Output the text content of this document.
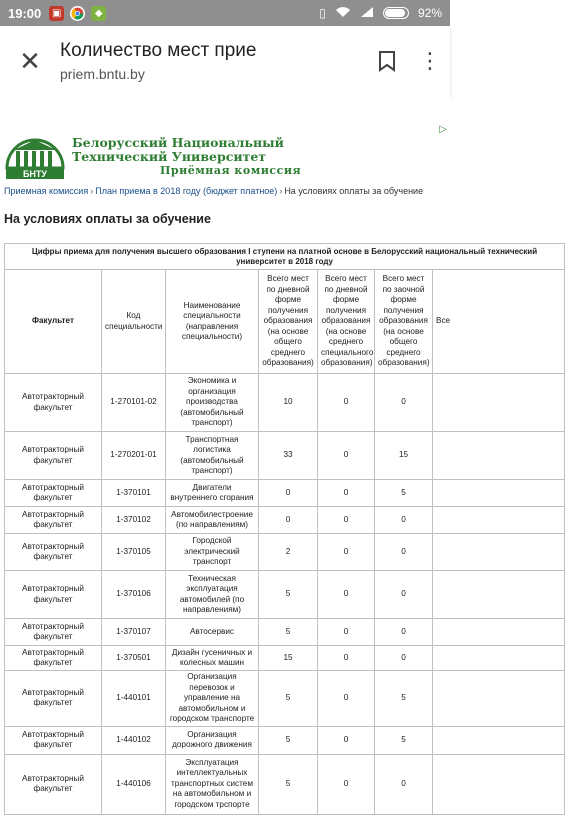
19:00 ▣	◆	▯	92%
✕ Количество мест прие
priem.bntu.by
⋮
БНТУ
Белорусский Национальный
Технический Университет
Приёмная комиссия
▷
Приемная комиссия › План приема в 2018 году (бюджет платное) › На условиях оплаты за обучение
На условиях оплаты за обучение
Цифры приема для получения высшего образования I ступени на платной основе в Белорусский национальный технический университет в 2018 году						
Факультет	Код специальности	Наименование специальности (направления специальности)	Всего мест по дневной форме получения образования (на основе общего среднего образования)	Всего мест по дневной форме получения образования (на основе среднего специального образования)	Всего мест по заочной форме получения образования (на основе общего среднего образования)	Все
Автотракторный факультет	1-270101-02	Экономика и организация производства (автомобильный транспорт)	10	0	0	
Автотракторный факультет	1-270201-01	Транспортная логистика (автомобильный транспорт)	33	0	15	
Автотракторный факультет	1-370101	Двигатели внутреннего сгорания	0	0	5	
Автотракторный факультет	1-370102	Автомобилестроение (по направлениям)	0	0	0	
Автотракторный факультет	1-370105	Городской электрический транспорт	2	0	0	
Автотракторный факультет	1-370106	Техническая эксплуатация автомобилей (по направлениям)	5	0	0	
Автотракторный факультет	1-370107	Автосервис	5	0	0	
Автотракторный факультет	1-370501	Дизайн гусеничных и колесных машин	15	0	0	
Автотракторный факультет	1-440101	Организация перевозок и управление на автомобильном и городском транспорте	5	0	5	
Автотракторный факультет	1-440102	Организация дорожного движения	5	0	5	
Автотракторный факультет	1-440106	Эксплуатация интеллектуальных транспортных систем на автомобильном и городском трспорте	5	0	0	
